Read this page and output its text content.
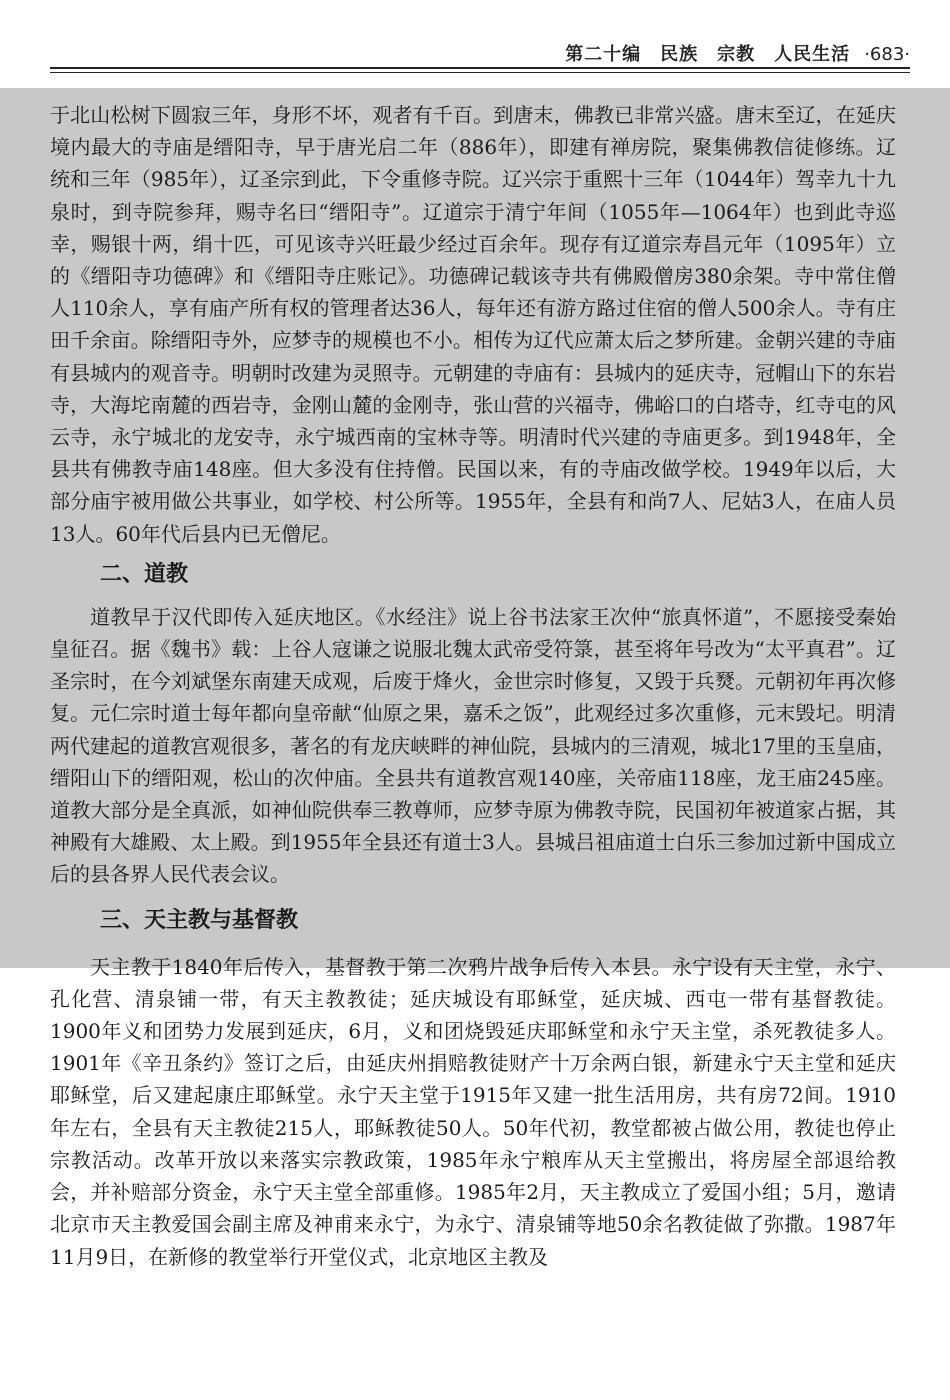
第二十编　民族　宗教　人民生活 ·683·

于北山松树下圆寂三年，身形不坏，观者有千百。到唐末，佛教已非常兴盛。唐末至辽，在延庆境内最大的寺庙是缙阳寺，早于唐光启二年（886年），即建有禅房院，聚集佛教信徒修练。辽统和三年（985年），辽圣宗到此，下令重修寺院。辽兴宗于重熙十三年（1044年）驾幸九十九泉时，到寺院参拜，赐寺名曰“缙阳寺”。辽道宗于清宁年间（1055年—1064年）也到此寺巡幸，赐银十两，绢十匹，可见该寺兴旺最少经过百余年。现存有辽道宗寿昌元年（1095年）立的《缙阳寺功德碑》和《缙阳寺庄账记》。功德碑记载该寺共有佛殿僧房380余架。寺中常住僧人110余人，享有庙产所有权的管理者达36人，每年还有游方路过住宿的僧人500余人。寺有庄田千余亩。除缙阳寺外，应梦寺的规模也不小。相传为辽代应萧太后之梦所建。金朝兴建的寺庙有县城内的观音寺。明朝时改建为灵照寺。元朝建的寺庙有：县城内的延庆寺，冠帽山下的东岩寺，大海坨南麓的西岩寺，金刚山麓的金刚寺，张山营的兴福寺，佛峪口的白塔寺，红寺屯的风云寺，永宁城北的龙安寺，永宁城西南的宝林寺等。明清时代兴建的寺庙更多。到1948年，全县共有佛教寺庙148座。但大多没有住持僧。民国以来，有的寺庙改做学校。1949年以后，大部分庙宇被用做公共事业，如学校、村公所等。1955年，全县有和尚7人、尼姑3人，在庙人员13人。60年代后县内已无僧尼。

二、道教

道教早于汉代即传入延庆地区。《水经注》说上谷书法家王次仲“旅真怀道”，不愿接受秦始皇征召。据《魏书》载：上谷人寇谦之说服北魏太武帝受符箓，甚至将年号改为“太平真君”。辽圣宗时，在今刘斌堡东南建天成观，后废于烽火，金世宗时修复，又毁于兵燹。元朝初年再次修复。元仁宗时道士每年都向皇帝献“仙原之果，嘉禾之饭”，此观经过多次重修，元末毁圮。明清两代建起的道教宫观很多，著名的有龙庆峡畔的神仙院，县城内的三清观，城北17里的玉皇庙，缙阳山下的缙阳观，松山的次仲庙。全县共有道教宫观140座，关帝庙118座，龙王庙245座。道教大部分是全真派，如神仙院供奉三教尊师，应梦寺原为佛教寺院，民国初年被道家占据，其神殿有大雄殿、太上殿。到1955年全县还有道士3人。县城吕祖庙道士白乐三参加过新中国成立后的县各界人民代表会议。

三、天主教与基督教

天主教于1840年后传入，基督教于第二次鸦片战争后传入本县。永宁设有天主堂，永宁、孔化营、清泉铺一带，有天主教教徒；延庆城设有耶稣堂，延庆城、西屯一带有基督教徒。1900年义和团势力发展到延庆，6月，义和团烧毁延庆耶稣堂和永宁天主堂，杀死教徒多人。1901年《辛丑条约》签订之后，由延庆州捐赔教徒财产十万余两白银，新建永宁天主堂和延庆耶稣堂，后又建起康庄耶稣堂。永宁天主堂于1915年又建一批生活用房，共有房72间。1910年左右，全县有天主教徒215人，耶稣教徒50人。50年代初，教堂都被占做公用，教徒也停止宗教活动。改革开放以来落实宗教政策，1985年永宁粮库从天主堂搬出，将房屋全部退给教会，并补赔部分资金，永宁天主堂全部重修。1985年2月，天主教成立了爱国小组；5月，邀请北京市天主教爱国会副主席及神甫来永宁，为永宁、清泉铺等地50余名教徒做了弥撒。1987年11月9日，在新修的教堂举行开堂仪式，北京地区主教及
